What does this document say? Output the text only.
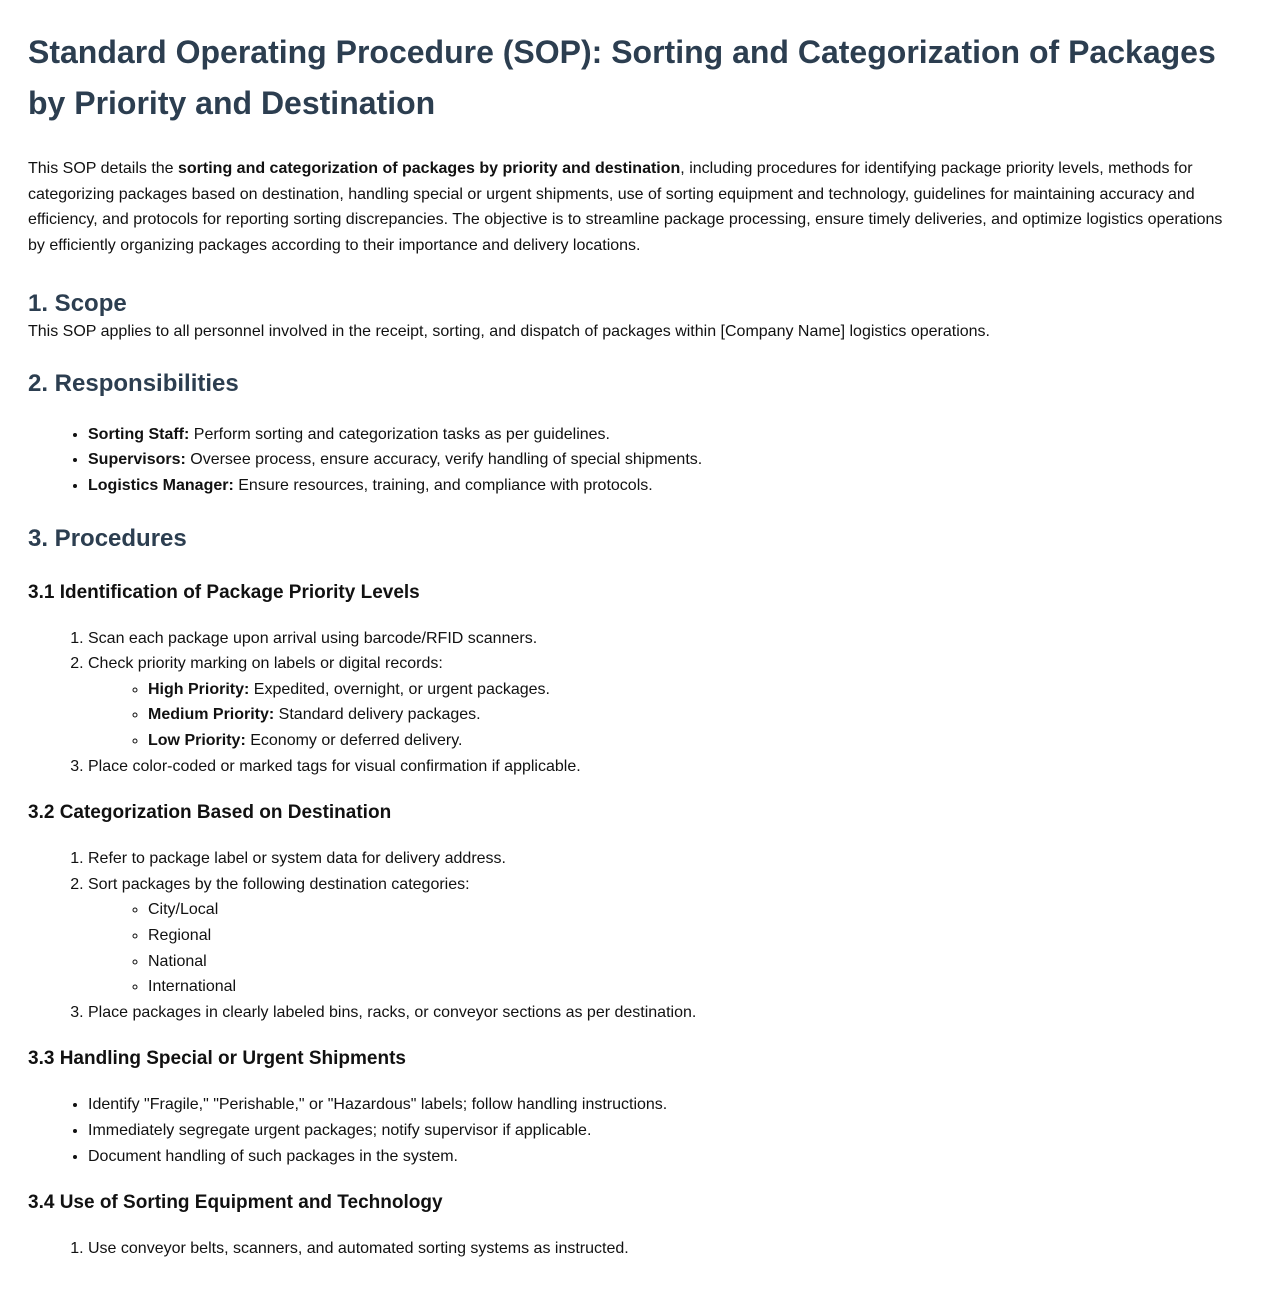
Standard Operating Procedure (SOP): Sorting and Categorization of Packages by Priority and Destination

This SOP details the sorting and categorization of packages by priority and destination, including procedures for identifying package priority levels, methods for categorizing packages based on destination, handling special or urgent shipments, use of sorting equipment and technology, guidelines for maintaining accuracy and efficiency, and protocols for reporting sorting discrepancies. The objective is to streamline package processing, ensure timely deliveries, and optimize logistics operations by efficiently organizing packages according to their importance and delivery locations.

1. Scope

This SOP applies to all personnel involved in the receipt, sorting, and dispatch of packages within [Company Name] logistics operations.

2. Responsibilities
• Sorting Staff: Perform sorting and categorization tasks as per guidelines.
• Supervisors: Oversee process, ensure accuracy, verify handling of special shipments.
• Logistics Manager: Ensure resources, training, and compliance with protocols.
3. Procedures
3.1 Identification of Package Priority Levels
1. Scan each package upon arrival using barcode/RFID scanners.
2. Check priority marking on labels or digital records:
◦ High Priority: Expedited, overnight, or urgent packages.
◦ Medium Priority: Standard delivery packages.
◦ Low Priority: Economy or deferred delivery.
3. Place color-coded or marked tags for visual confirmation if applicable.
3.2 Categorization Based on Destination
1. Refer to package label or system data for delivery address.
2. Sort packages by the following destination categories:
◦ City/Local
◦ Regional
◦ National
◦ International
3. Place packages in clearly labeled bins, racks, or conveyor sections as per destination.
3.3 Handling Special or Urgent Shipments
• Identify "Fragile," "Perishable," or "Hazardous" labels; follow handling instructions.
• Immediately segregate urgent packages; notify supervisor if applicable.
• Document handling of such packages in the system.
3.4 Use of Sorting Equipment and Technology
1. Use conveyor belts, scanners, and automated sorting systems as instructed.
